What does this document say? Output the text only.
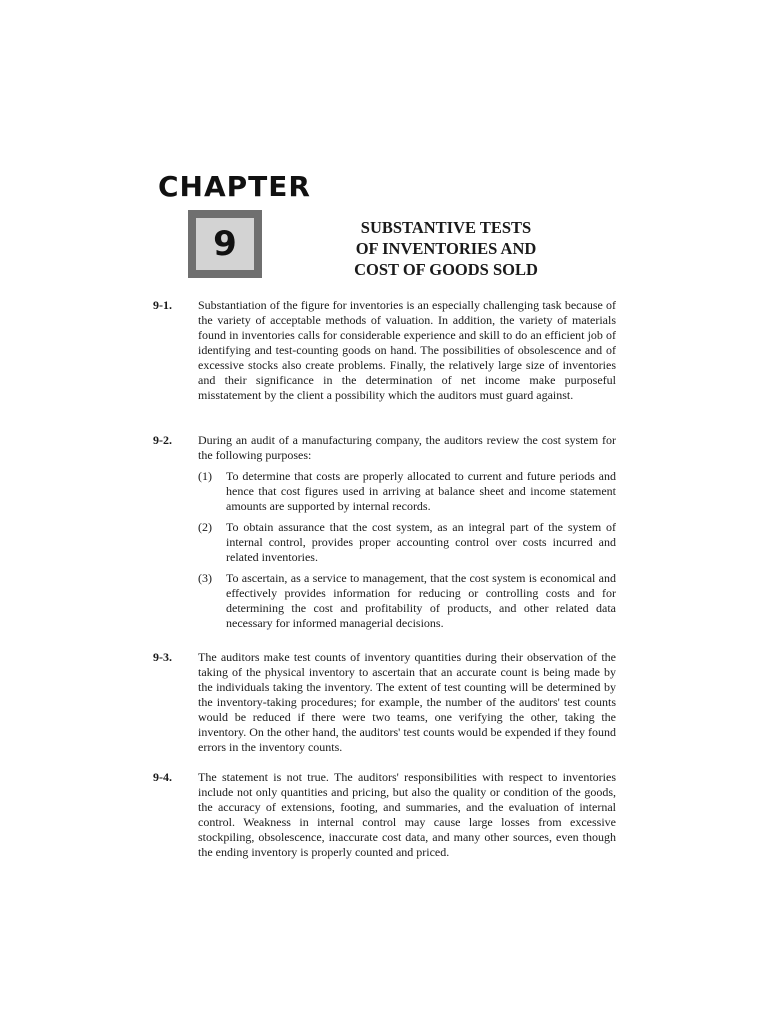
CHAPTER
9	SUBSTANTIVE TESTS
OF INVENTORIES AND
COST OF GOODS SOLD
9-1. Substantiation of the figure for inventories is an especially challenging task because of the variety of acceptable methods of valuation. In addition, the variety of materials found in inventories calls for considerable experience and skill to do an efficient job of identifying and test-counting goods on hand. The possibilities of obsolescence and of excessive stocks also create problems. Finally, the relatively large size of inventories and their significance in the determination of net income make purposeful misstatement by the client a possibility which the auditors must guard against.
9-2. During an audit of a manufacturing company, the auditors review the cost system for the following purposes:
(1) To determine that costs are properly allocated to current and future periods and hence that cost figures used in arriving at balance sheet and income statement amounts are supported by internal records.
(2) To obtain assurance that the cost system, as an integral part of the system of internal control, provides proper accounting control over costs incurred and related inventories.
(3) To ascertain, as a service to management, that the cost system is economical and effectively provides information for reducing or controlling costs and for determining the cost and profitability of products, and other related data necessary for informed managerial decisions.
9-3. The auditors make test counts of inventory quantities during their observation of the taking of the physical inventory to ascertain that an accurate count is being made by the individuals taking the inventory. The extent of test counting will be determined by the inventory-taking procedures; for example, the number of the auditors' test counts would be reduced if there were two teams, one verifying the other, taking the inventory. On the other hand, the auditors' test counts would be expended if they found errors in the inventory counts.
9-4. The statement is not true. The auditors' responsibilities with respect to inventories include not only quantities and pricing, but also the quality or condition of the goods, the accuracy of extensions, footing, and summaries, and the evaluation of internal control. Weakness in internal control may cause large losses from excessive stockpiling, obsolescence, inaccurate cost data, and many other sources, even though the ending inventory is properly counted and priced.
